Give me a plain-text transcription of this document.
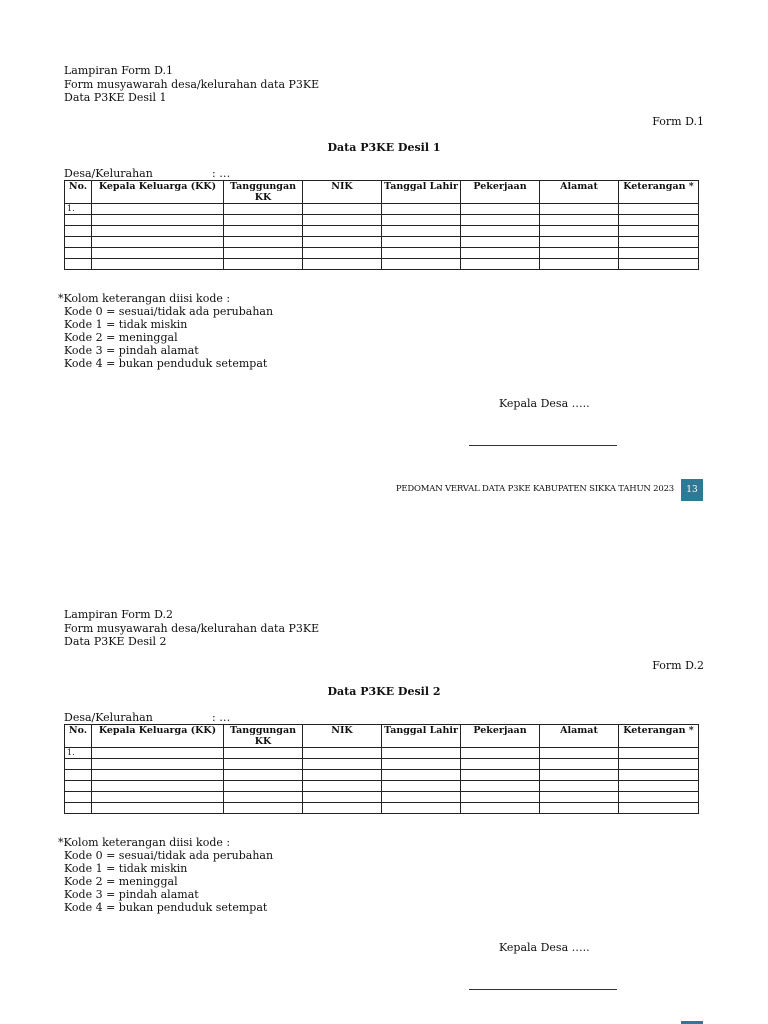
Lampiran Form D.1
Form musyawarah desa/kelurahan data P3KE
Data P3KE Desil 1
Form D.1
Data P3KE Desil 1
Desa/Kelurahan	: …
No.	Kepala Keluarga (KK)	Tanggungan KK	NIK	Tanggal Lahir	Pekerjaan	Alamat	Keterangan *
1.							

*Kolom keterangan diisi kode :
Kode 0 = sesuai/tidak ada perubahan
Kode 1 = tidak miskin
Kode 2 = meninggal
Kode 3 = pindah alamat
Kode 4 = bukan penduduk setempat
Kepala Desa …..
PEDOMAN VERVAL DATA P3KE KABUPATEN SIKKA TAHUN 2023	13
Lampiran Form D.2
Form musyawarah desa/kelurahan data P3KE
Data P3KE Desil 2
Form D.2
Data P3KE Desil 2
Desa/Kelurahan	: …
No.	Kepala Keluarga (KK)	Tanggungan KK	NIK	Tanggal Lahir	Pekerjaan	Alamat	Keterangan *
1.							

*Kolom keterangan diisi kode :
Kode 0 = sesuai/tidak ada perubahan
Kode 1 = tidak miskin
Kode 2 = meninggal
Kode 3 = pindah alamat
Kode 4 = bukan penduduk setempat
Kepala Desa …..
